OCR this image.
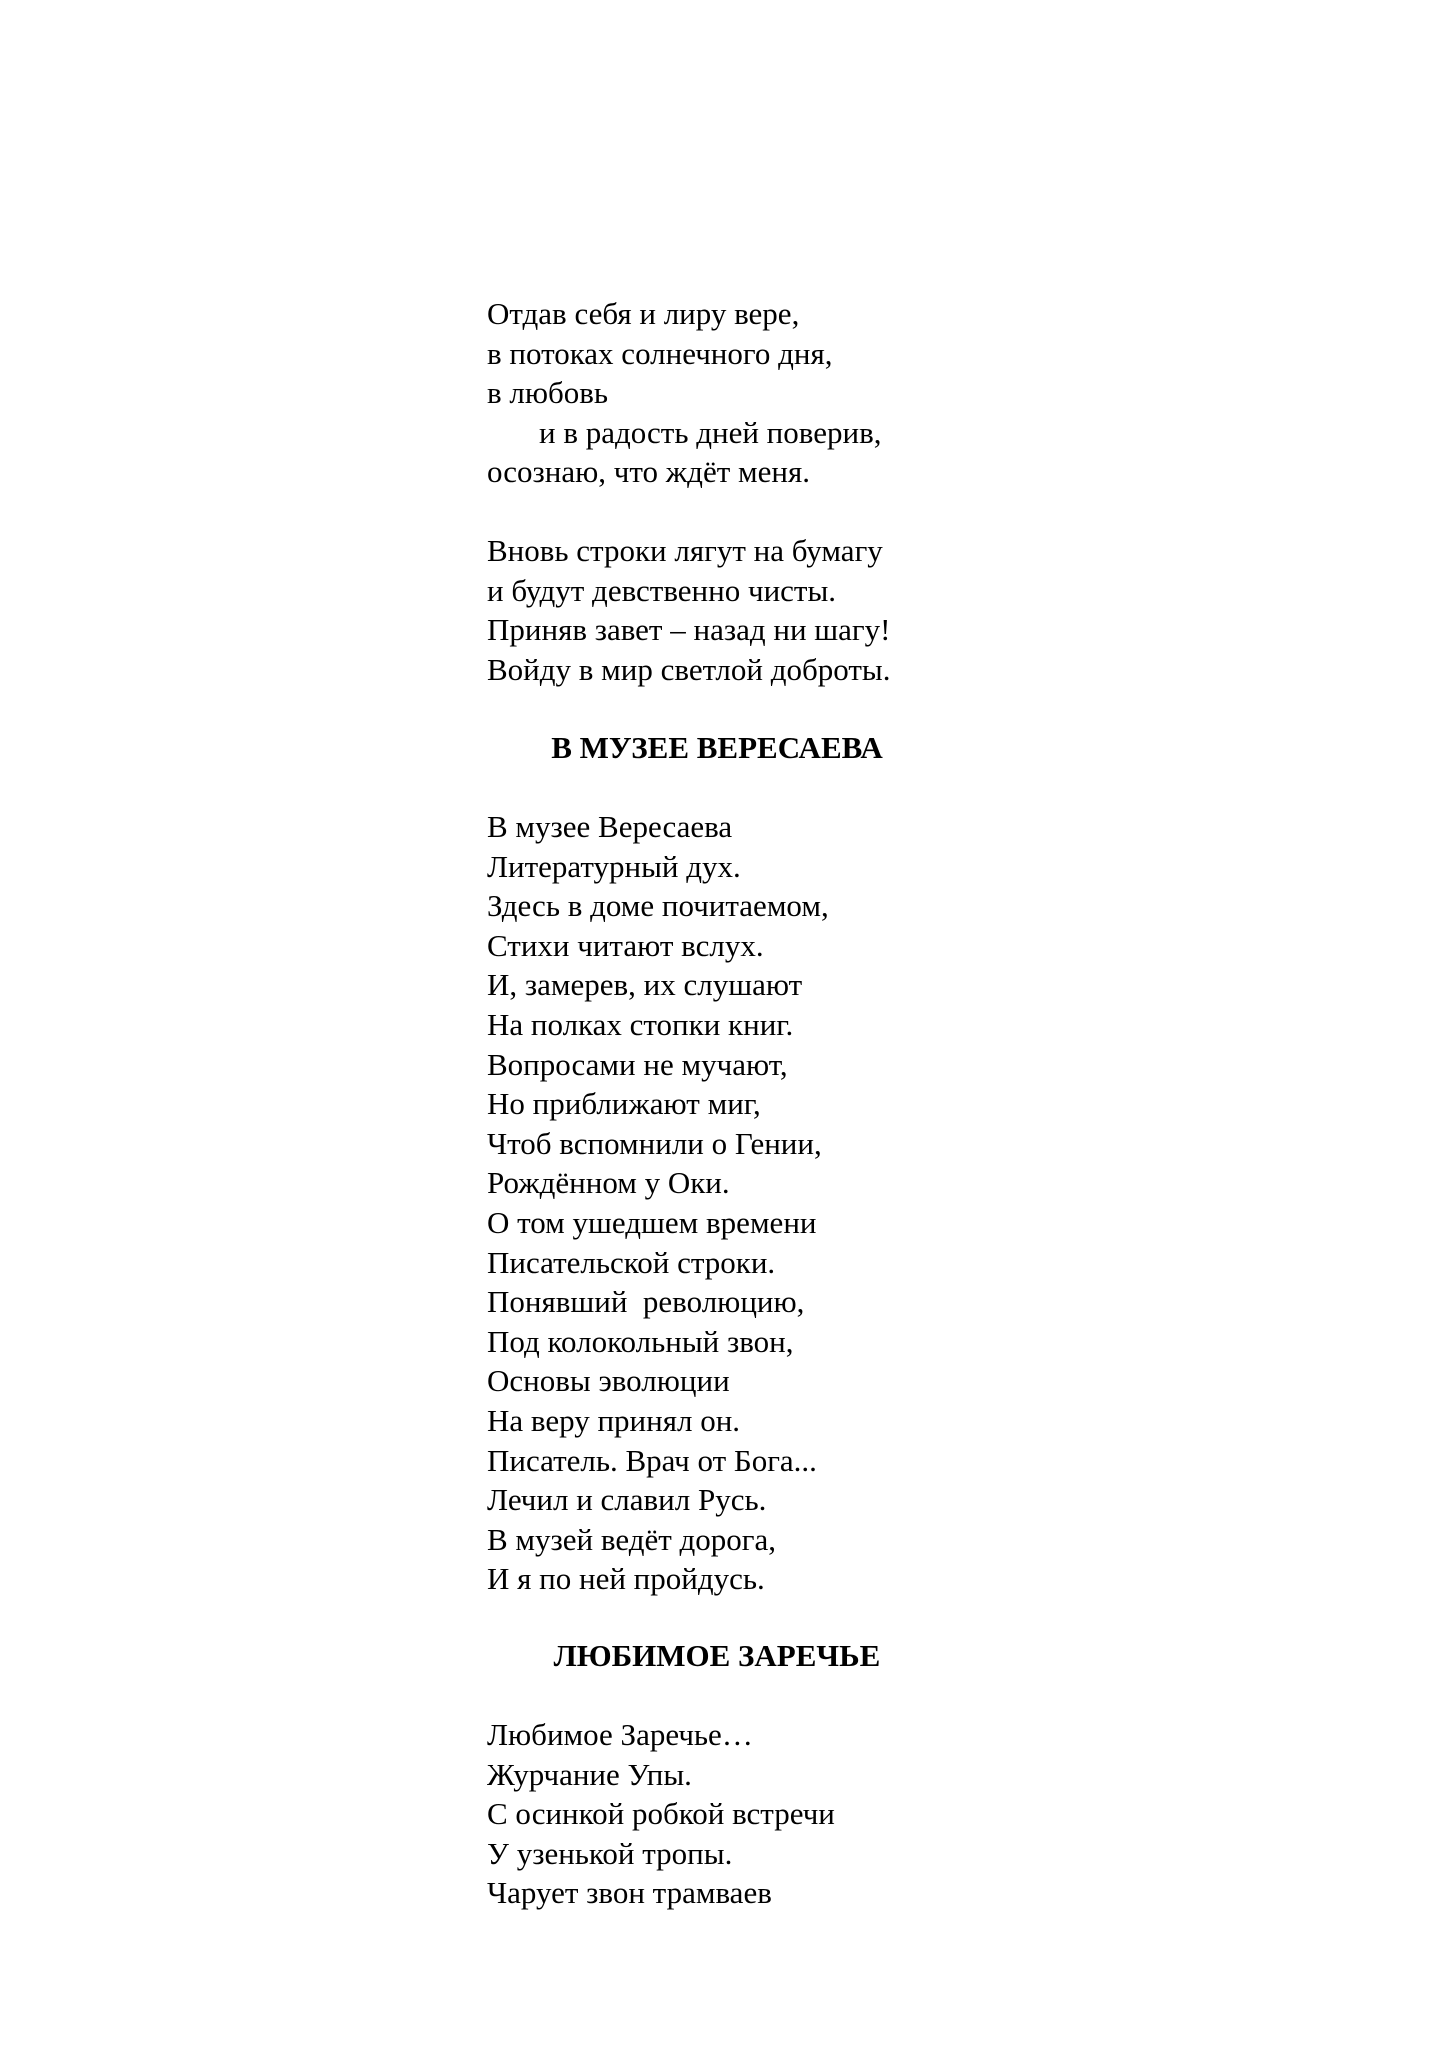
Отдав себя и лиру вере,
в потоках солнечного дня,
в любовь
и в радость дней поверив,
осознаю, что ждёт меня.
Вновь строки лягут на бумагу
и будут девственно чисты.
Приняв завет – назад ни шагу!
Войду в мир светлой доброты.
В МУЗЕЕ ВЕРЕСАЕВА
В музее Вересаева
Литературный дух.
Здесь в доме почитаемом,
Стихи читают вслух.
И, замерев, их слушают
На полках стопки книг.
Вопросами не мучают,
Но приближают миг,
Чтоб вспомнили о Гении,
Рождённом у Оки.
О том ушедшем времени
Писательской строки.
Понявший  революцию,
Под колокольный звон,
Основы эволюции
На веру принял он.
Писатель. Врач от Бога...
Лечил и славил Русь.
В музей ведёт дорога,
И я по ней пройдусь.
ЛЮБИМОЕ ЗАРЕЧЬЕ
Любимое Заречье…
Журчание Упы.
С осинкой робкой встречи
У узенькой тропы.
Чарует звон трамваев
